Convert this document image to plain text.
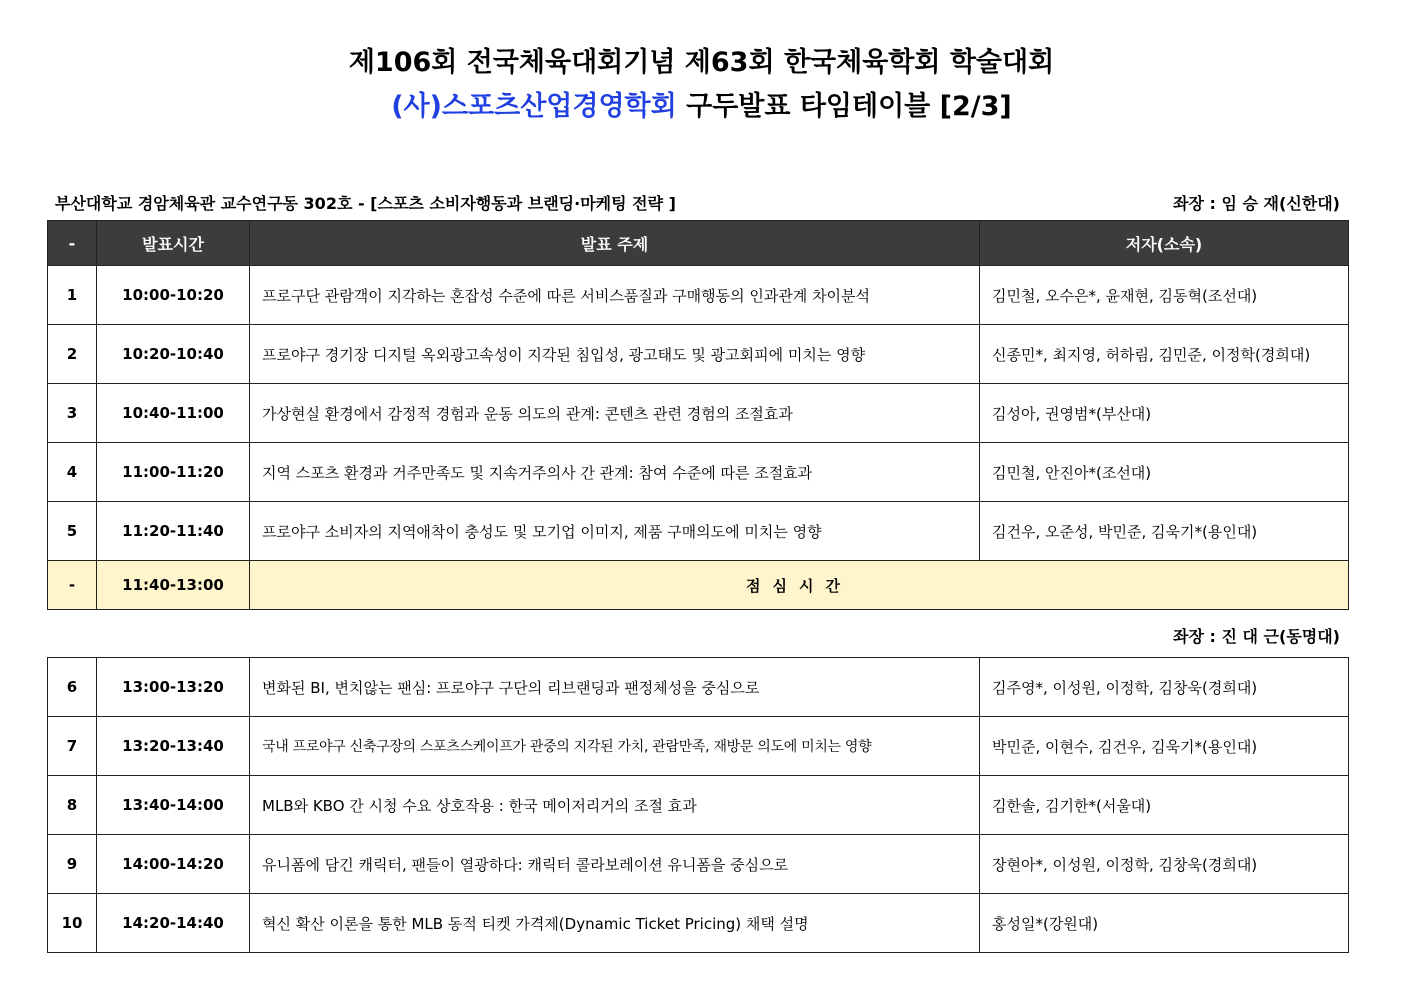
제106회 전국체육대회기념 제63회 한국체육학회 학술대회
(사)스포츠산업경영학회 구두발표 타임테이블 [2/3]
부산대학교 경암체육관 교수연구동 302호 - [스포츠 소비자행동과 브랜딩·마케팅 전략 ]	좌장 : 임 승 재(신한대)
-	발표시간	발표 주제	저자(소속)
1	10:00-10:20	프로구단 관람객이 지각하는 혼잡성 수준에 따른 서비스품질과 구매행동의 인과관계 차이분석	김민철, 오수은*, 윤재현, 김동혁(조선대)
2	10:20-10:40	프로야구 경기장 디지털 옥외광고속성이 지각된 침입성, 광고태도 및 광고회피에 미치는 영향	신종민*, 최지영, 허하림, 김민준, 이정학(경희대)
3	10:40-11:00	가상현실 환경에서 감정적 경험과 운동 의도의 관계: 콘텐츠 관련 경험의 조절효과	김성아, 권영범*(부산대)
4	11:00-11:20	지역 스포츠 환경과 거주만족도 및 지속거주의사 간 관계: 참여 수준에 따른 조절효과	김민철, 안진아*(조선대)
5	11:20-11:40	프로야구 소비자의 지역애착이 충성도 및 모기업 이미지, 제품 구매의도에 미치는 영향	김건우, 오준성, 박민준, 김욱기*(용인대)
-	11:40-13:00	점심시간	
좌장 : 진 대 근(동명대)
6	13:00-13:20	변화된 BI, 변치않는 팬심: 프로야구 구단의 리브랜딩과 팬정체성을 중심으로	김주영*, 이성원, 이정학, 김창욱(경희대)
7	13:20-13:40	국내 프로야구 신축구장의 스포츠스케이프가 관중의 지각된 가치, 관람만족, 재방문 의도에 미치는 영향	박민준, 이현수, 김건우, 김욱기*(용인대)
8	13:40-14:00	MLB와 KBO 간 시청 수요 상호작용 : 한국 메이저리거의 조절 효과	김한솔, 김기한*(서울대)
9	14:00-14:20	유니폼에 담긴 캐릭터, 팬들이 열광하다: 캐릭터 콜라보레이션 유니폼을 중심으로	장현아*, 이성원, 이정학, 김창욱(경희대)
10	14:20-14:40	혁신 확산 이론을 통한 MLB 동적 티켓 가격제(Dynamic Ticket Pricing) 채택 설명	홍성일*(강원대)
